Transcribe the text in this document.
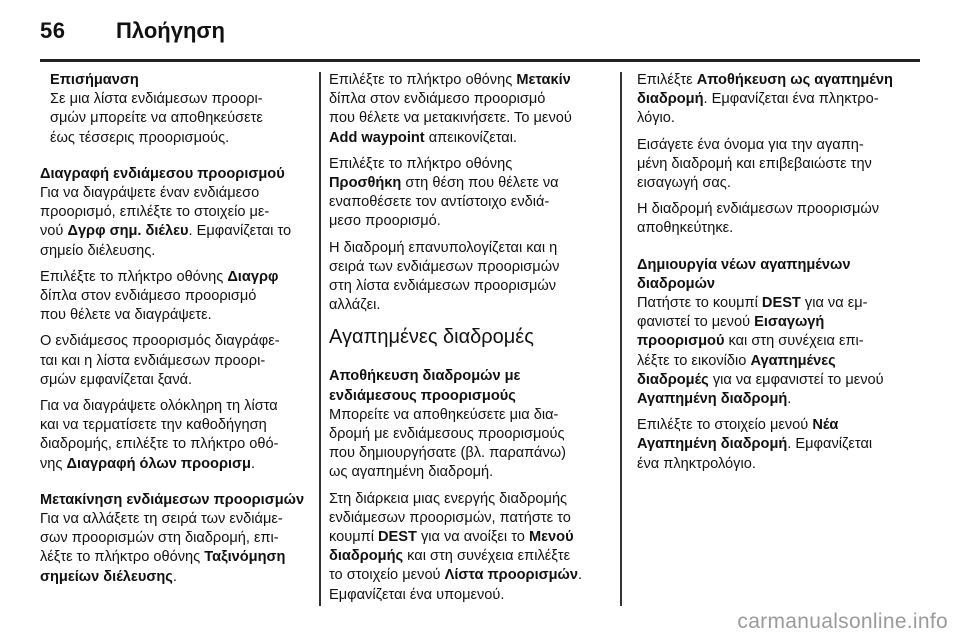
56 Πλοήγηση
Επισήμανση
Σε μια λίστα ενδιάμεσων προορι-
σμών μπορείτε να αποθηκεύσετε
έως τέσσερις προορισμούς.
Διαγραφή ενδιάμεσου προορισμού
Για να διαγράψετε έναν ενδιάμεσο
προορισμό, επιλέξτε το στοιχείο με-
νού Δγρφ σημ. διέλευ. Εμφανίζεται το
σημείο διέλευσης.
Επιλέξτε το πλήκτρο οθόνης Διαγρφ
δίπλα στον ενδιάμεσο προορισμό
που θέλετε να διαγράψετε.
Ο ενδιάμεσος προορισμός διαγράφε-
ται και η λίστα ενδιάμεσων προορι-
σμών εμφανίζεται ξανά.
Για να διαγράψετε ολόκληρη τη λίστα
και να τερματίσετε την καθοδήγηση
διαδρομής, επιλέξτε το πλήκτρο οθό-
νης Διαγραφή όλων προορισμ.
Μετακίνηση ενδιάμεσων προορισμών
Για να αλλάξετε τη σειρά των ενδιάμε-
σων προορισμών στη διαδρομή, επι-
λέξτε το πλήκτρο οθόνης Ταξινόμηση
σημείων διέλευσης.
Επιλέξτε το πλήκτρο οθόνης Μετακίν
δίπλα στον ενδιάμεσο προορισμό
που θέλετε να μετακινήσετε. Το μενού
Add waypoint απεικονίζεται.
Επιλέξτε το πλήκτρο οθόνης
Προσθήκη στη θέση που θέλετε να
εναποθέσετε τον αντίστοιχο ενδιά-
μεσο προορισμό.
Η διαδρομή επανυπολογίζεται και η
σειρά των ενδιάμεσων προορισμών
στη λίστα ενδιάμεσων προορισμών
αλλάζει.
Αγαπημένες διαδρομές
Αποθήκευση διαδρομών με
ενδιάμεσους προορισμούς
Μπορείτε να αποθηκεύσετε μια δια-
δρομή με ενδιάμεσους προορισμούς
που δημιουργήσατε (βλ. παραπάνω)
ως αγαπημένη διαδρομή.
Στη διάρκεια μιας ενεργής διαδρομής
ενδιάμεσων προορισμών, πατήστε το
κουμπί DEST για να ανοίξει το Μενού
διαδρομής και στη συνέχεια επιλέξτε
το στοιχείο μενού Λίστα προορισμών.
Εμφανίζεται ένα υπομενού.
Επιλέξτε Αποθήκευση ως αγαπημένη
διαδρομή. Εμφανίζεται ένα πληκτρο-
λόγιο.
Εισάγετε ένα όνομα για την αγαπη-
μένη διαδρομή και επιβεβαιώστε την
εισαγωγή σας.
Η διαδρομή ενδιάμεσων προορισμών
αποθηκεύτηκε.
Δημιουργία νέων αγαπημένων
διαδρομών
Πατήστε το κουμπί DEST για να εμ-
φανιστεί το μενού Εισαγωγή
προορισμού και στη συνέχεια επι-
λέξτε το εικονίδιο Αγαπημένες
διαδρομές για να εμφανιστεί το μενού
Αγαπημένη διαδρομή.
Επιλέξτε το στοιχείο μενού Νέα
Αγαπημένη διαδρομή. Εμφανίζεται
ένα πληκτρολόγιο.
carmanualsonline.info
